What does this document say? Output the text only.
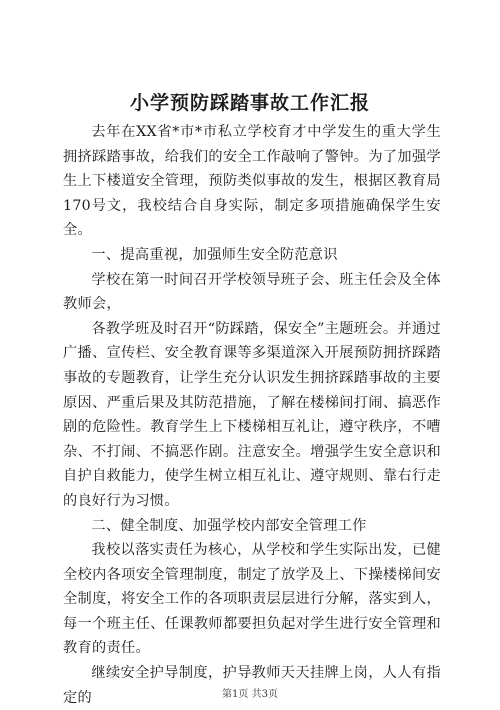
小学预防踩踏事故工作汇报

去年在XX省*市*市私立学校育才中学发生的重大学生拥挤踩踏事故，给我们的安全工作敲响了警钟。为了加强学生上下楼道安全管理，预防类似事故的发生，根据区教育局170号文，我校结合自身实际，制定多项措施确保学生安全。

一、提高重视，加强师生安全防范意识

学校在第一时间召开学校领导班子会、班主任会及全体教师会，

各教学班及时召开“防踩踏，保安全”主题班会。并通过广播、宣传栏、安全教育课等多渠道深入开展预防拥挤踩踏事故的专题教育，让学生充分认识发生拥挤踩踏事故的主要原因、严重后果及其防范措施，了解在楼梯间打闹、搞恶作剧的危险性。教育学生上下楼梯相互礼让，遵守秩序，不嘈杂、不打闹、不搞恶作剧。注意安全。增强学生安全意识和自护自救能力，使学生树立相互礼让、遵守规则、靠右行走的良好行为习惯。

二、健全制度、加强学校内部安全管理工作

我校以落实责任为核心，从学校和学生实际出发，已健全校内各项安全管理制度，制定了放学及上、下操楼梯间安全制度，将安全工作的各项职责层层进行分解，落实到人，每一个班主任、任课教师都要担负起对学生进行安全管理和教育的责任。

继续安全护导制度，护导教师天天挂牌上岗，人人有指定的	第1页 共3页
